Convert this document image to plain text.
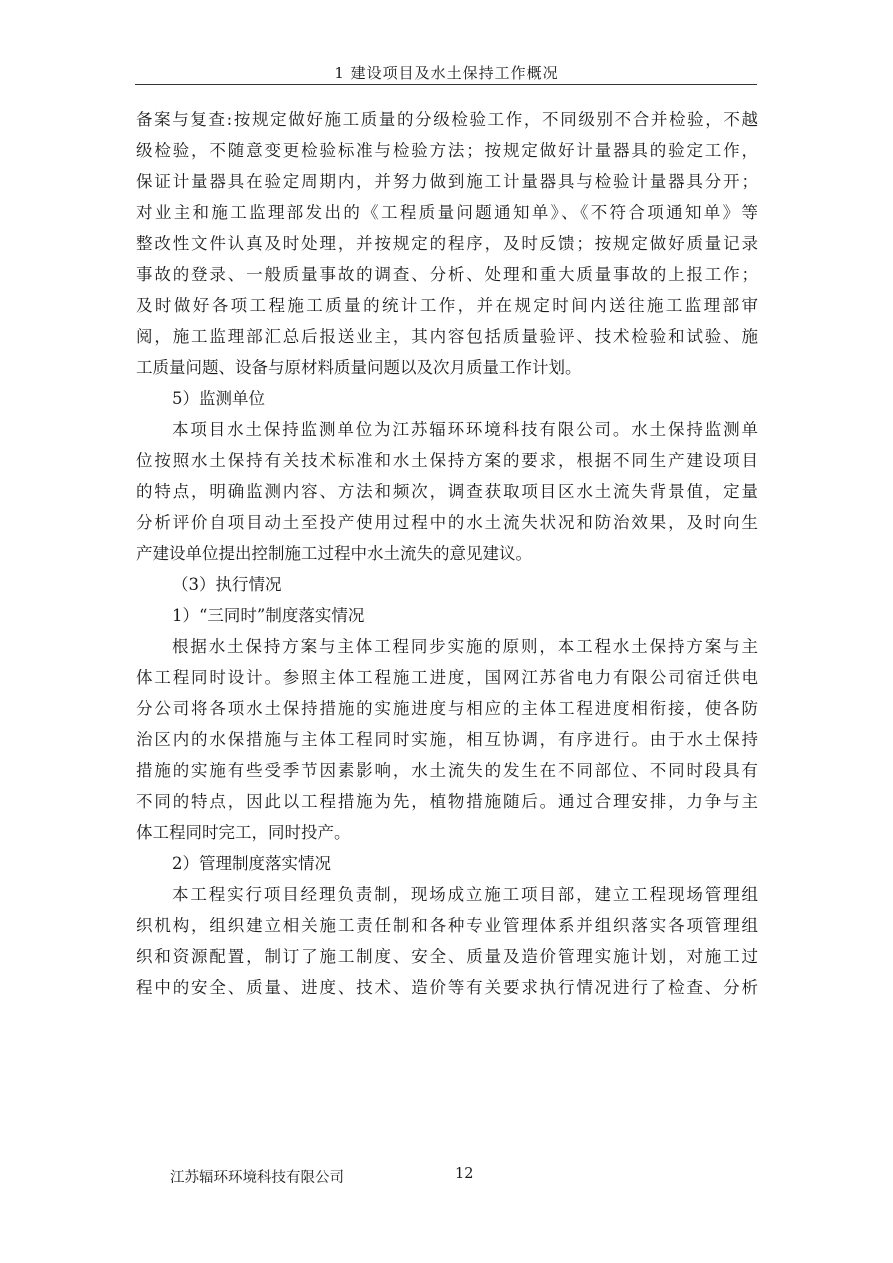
1 建设项目及水土保持工作概况
备案与复查:按规定做好施工质量的分级检验工作，不同级别不合并检验，不越
级检验，不随意变更检验标准与检验方法；按规定做好计量器具的验定工作，
保证计量器具在验定周期内，并努力做到施工计量器具与检验计量器具分开；
对业主和施工监理部发出的《工程质量问题通知单》、《不符合项通知单》等
整改性文件认真及时处理，并按规定的程序，及时反馈；按规定做好质量记录
事故的登录、一般质量事故的调查、分析、处理和重大质量事故的上报工作；
及时做好各项工程施工质量的统计工作，并在规定时间内送往施工监理部审
阅，施工监理部汇总后报送业主，其内容包括质量验评、技术检验和试验、施
工质量问题、设备与原材料质量问题以及次月质量工作计划。
5）监测单位
本项目水土保持监测单位为江苏辐环环境科技有限公司。水土保持监测单
位按照水土保持有关技术标准和水土保持方案的要求，根据不同生产建设项目
的特点，明确监测内容、方法和频次，调查获取项目区水土流失背景值，定量
分析评价自项目动土至投产使用过程中的水土流失状况和防治效果，及时向生
产建设单位提出控制施工过程中水土流失的意见建议。
（3）执行情况
1）“三同时”制度落实情况
根据水土保持方案与主体工程同步实施的原则，本工程水土保持方案与主
体工程同时设计。参照主体工程施工进度，国网江苏省电力有限公司宿迁供电
分公司将各项水土保持措施的实施进度与相应的主体工程进度相衔接，使各防
治区内的水保措施与主体工程同时实施，相互协调，有序进行。由于水土保持
措施的实施有些受季节因素影响，水土流失的发生在不同部位、不同时段具有
不同的特点，因此以工程措施为先，植物措施随后。通过合理安排，力争与主
体工程同时完工，同时投产。
2）管理制度落实情况
本工程实行项目经理负责制，现场成立施工项目部，建立工程现场管理组
织机构，组织建立相关施工责任制和各种专业管理体系并组织落实各项管理组
织和资源配置，制订了施工制度、安全、质量及造价管理实施计划，对施工过
程中的安全、质量、进度、技术、造价等有关要求执行情况进行了检查、分析
江苏辐环环境科技有限公司	12
